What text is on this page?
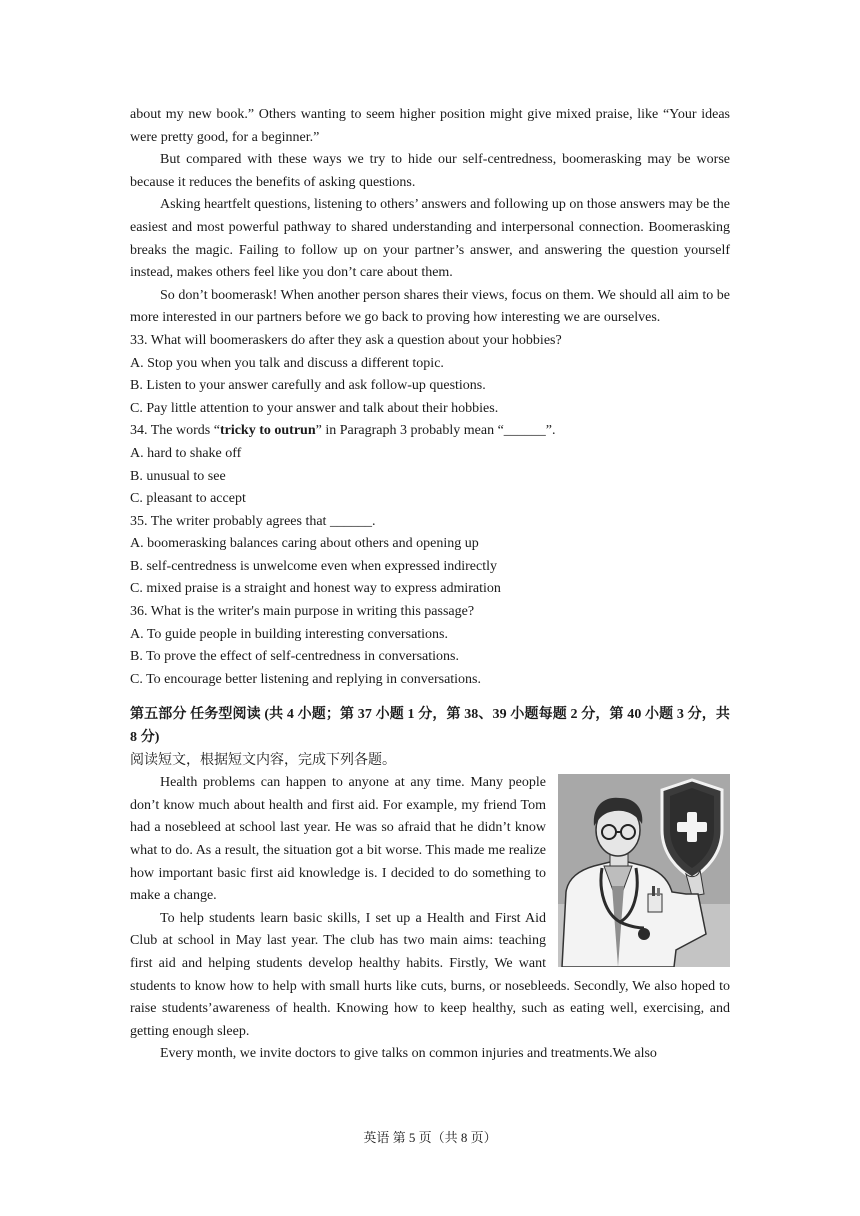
about my new book.” Others wanting to seem higher position might give mixed praise, like “Your ideas were pretty good, for a beginner.”

But compared with these ways we try to hide our self-centredness, boomerasking may be worse because it reduces the benefits of asking questions.

Asking heartfelt questions, listening to others’ answers and following up on those answers may be the easiest and most powerful pathway to shared understanding and interpersonal connection. Boomerasking breaks the magic. Failing to follow up on your partner’s answer, and answering the question yourself instead, makes others feel like you don’t care about them.

So don’t boomerask! When another person shares their views, focus on them. We should all aim to be more interested in our partners before we go back to proving how interesting we are ourselves.

33. What will boomeraskers do after they ask a question about your hobbies?

A. Stop you when you talk and discuss a different topic.

B. Listen to your answer carefully and ask follow-up questions.

C. Pay little attention to your answer and talk about their hobbies.

34. The words “tricky to outrun” in Paragraph 3 probably mean “______”.

A. hard to shake off

B. unusual to see

C. pleasant to accept

35. The writer probably agrees that ______.

A. boomerasking balances caring about others and opening up

B. self-centredness is unwelcome even when expressed indirectly

C. mixed praise is a straight and honest way to express admiration

36. What is the writer's main purpose in writing this passage?

A. To guide people in building interesting conversations.

B. To prove the effect of self-centredness in conversations.

C. To encourage better listening and replying in conversations.

第五部分 任务型阅读 (共 4 小题；第 37 小题 1 分，第 38、39 小题每题 2 分，第 40 小题 3 分，共 8 分)

阅读短文，根据短文内容，完成下列各题。

Health problems can happen to anyone at any time. Many people don’t know much about health and first aid. For example, my friend Tom had a nosebleed at school last year. He was so afraid that he didn’t know what to do. As a result, the situation got a bit worse. This made me realize how important basic first aid knowledge is. I decided to do something to make a change.

To help students learn basic skills, I set up a Health and First Aid Club at school in May last year. The club has two main aims: teaching first aid and helping students develop healthy habits. Firstly, We want students to know how to help with small hurts like cuts, burns, or nosebleeds. Secondly, We also hoped to raise students’awareness of health. Knowing how to keep healthy, such as eating well, exercising, and getting enough sleep.

Every month, we invite doctors to give talks on common injuries and treatments.We also

英语 第 5 页（共 8 页）
